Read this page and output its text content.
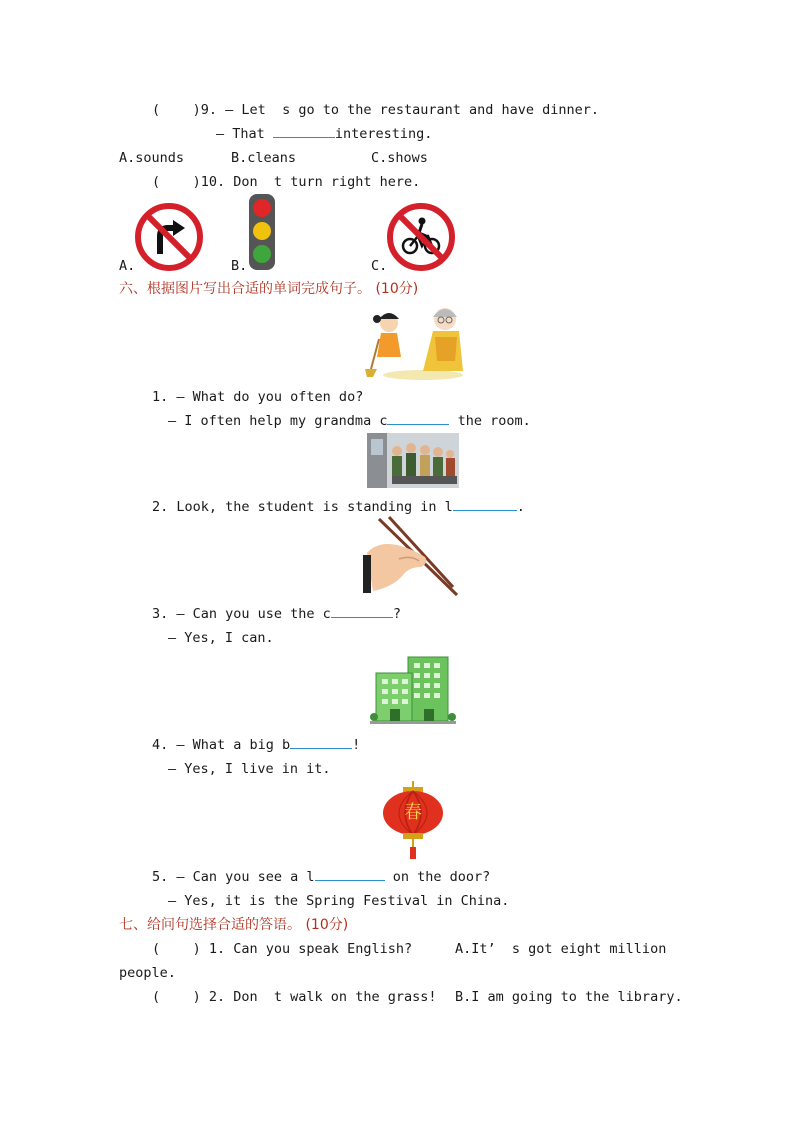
(    )9. — Let  s go to the restaurant and have dinner.
— That	interesting.
A.sounds	B.cleans	C.shows
(    )10. Don  t turn right here.
A.	B.	C.
六、根据图片写出合适的单词完成句子。 (10分)
1. — What do you often do?
— I often help my grandma c	the room.
2. Look, the student is standing in l	.
3. — Can you use the c	?
— Yes, I can.
4. — What a big b	!
— Yes, I live in it.
春
5. — Can you see a l	on the door?
— Yes, it is the Spring Festival in China.
七、给问句选择合适的答语。 (10分)
(    ) 1. Can you speak English?	A.It’  s got eight million
people.
(    ) 2. Don  t walk on the grass! B.I am going to the library.
